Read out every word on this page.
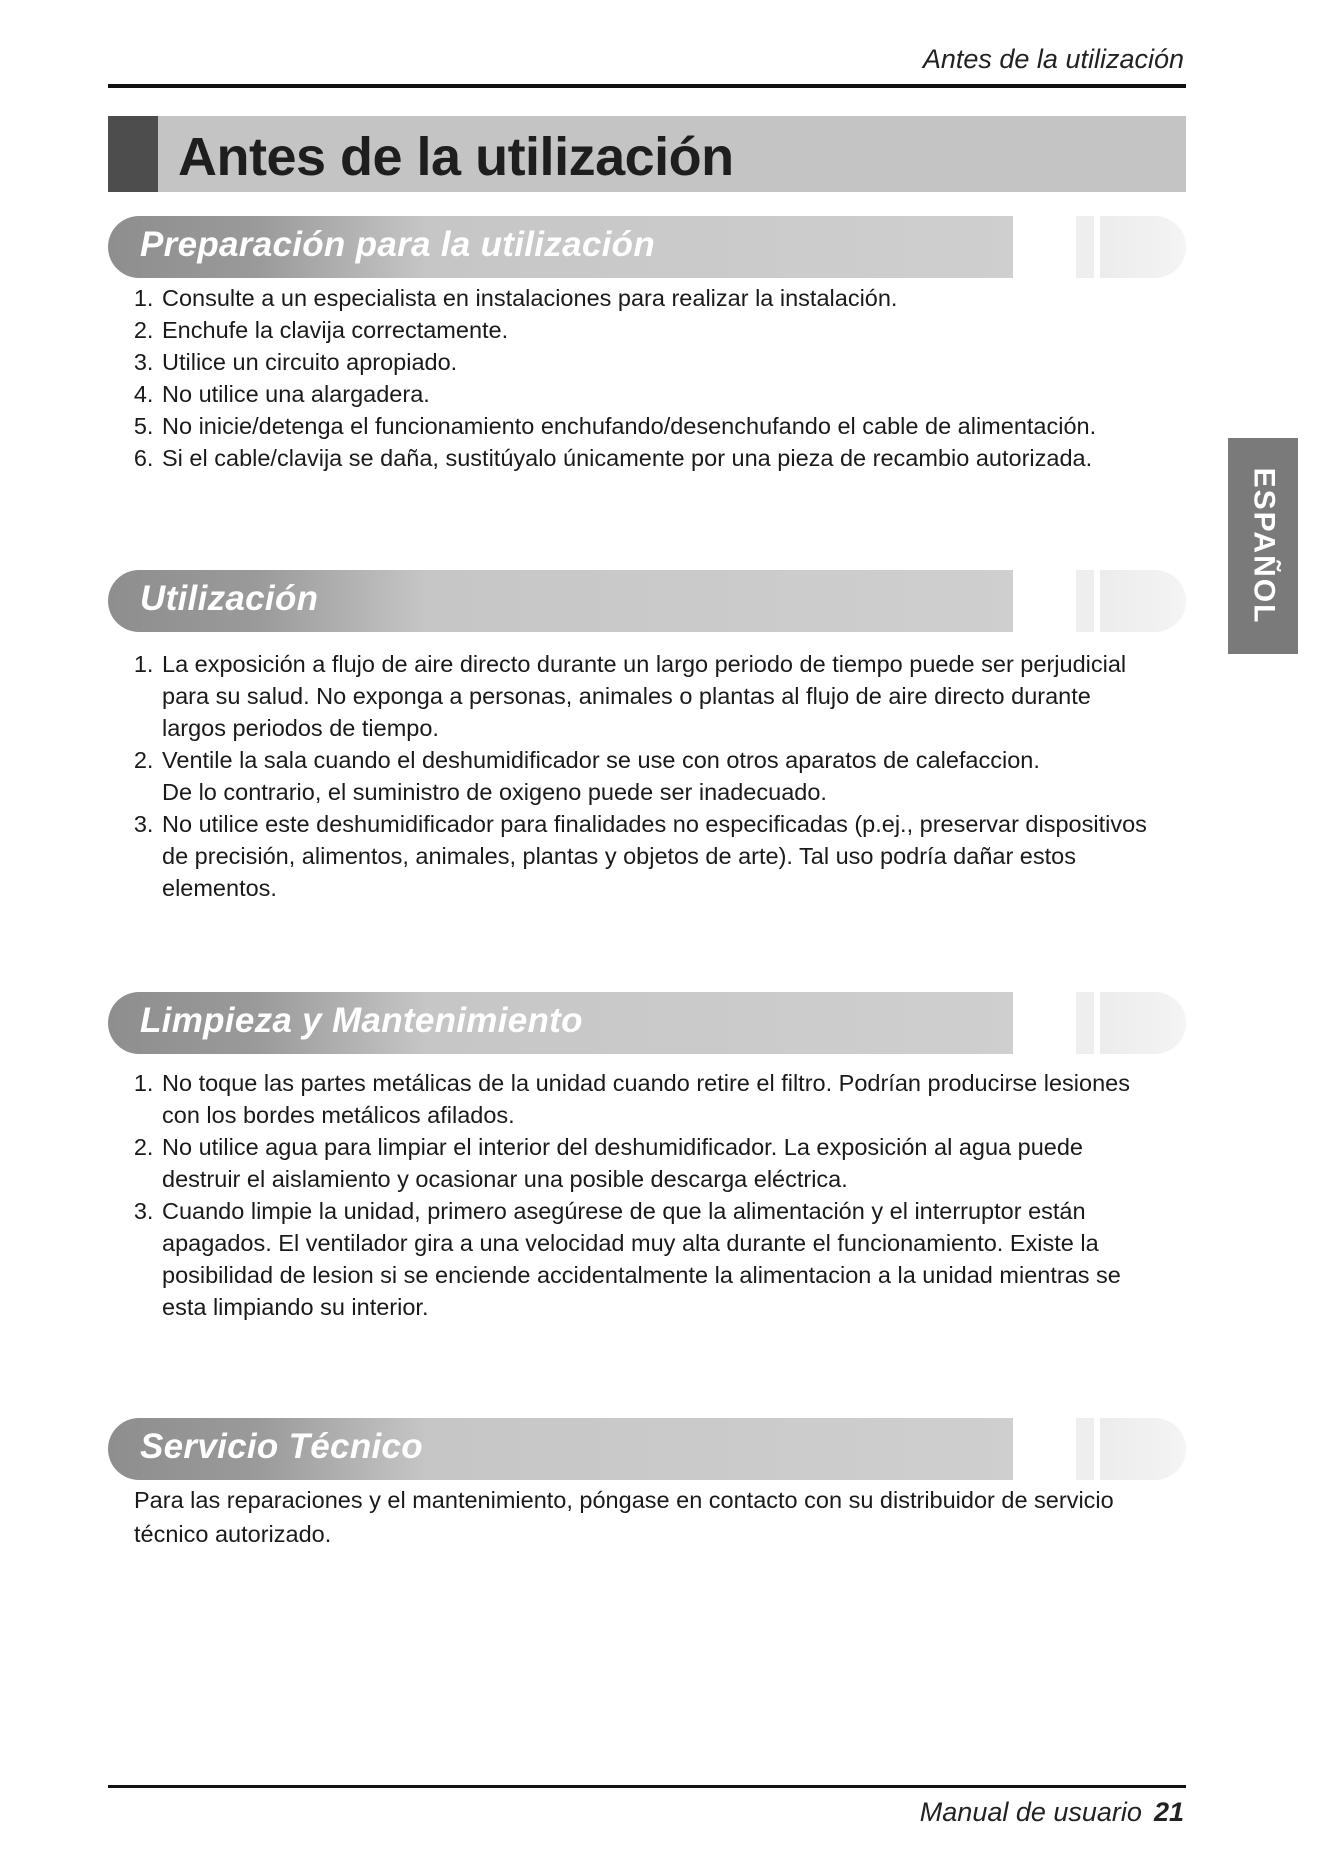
Antes de la utilización
Antes de la utilización
Preparación para la utilización
1. Consulte a un especialista en instalaciones para realizar la instalación.
2. Enchufe la clavija correctamente.
3. Utilice un circuito apropiado.
4. No utilice una alargadera.
5. No inicie/detenga el funcionamiento enchufando/desenchufando el cable de alimentación.
6. Si el cable/clavija se daña, sustitúyalo únicamente por una pieza de recambio autorizada.
Utilización
1. La exposición a flujo de aire directo durante un largo periodo de tiempo puede ser perjudicial
para su salud. No exponga a personas, animales o plantas al flujo de aire directo durante
largos periodos de tiempo.
2. Ventile la sala cuando el deshumidificador se use con otros aparatos de calefaccion.
De lo contrario, el suministro de oxigeno puede ser inadecuado.
3. No utilice este deshumidificador para finalidades no especificadas (p.ej., preservar dispositivos
de precisión, alimentos, animales, plantas y objetos de arte). Tal uso podría dañar estos
elementos.
Limpieza y Mantenimiento
1. No toque las partes metálicas de la unidad cuando retire el filtro. Podrían producirse lesiones
con los bordes metálicos afilados.
2. No utilice agua para limpiar el interior del deshumidificador. La exposición al agua puede
destruir el aislamiento y ocasionar una posible descarga eléctrica.
3. Cuando limpie la unidad, primero asegúrese de que la alimentación y el interruptor están
apagados. El ventilador gira a una velocidad muy alta durante el funcionamiento. Existe la
posibilidad de lesion si se enciende accidentalmente la alimentacion a la unidad mientras se
esta limpiando su interior.
Servicio Técnico

Para las reparaciones y el mantenimiento, póngase en contacto con su distribuidor de servicio
técnico autorizado.

ESPAÑOL
Manual de usuario 21
